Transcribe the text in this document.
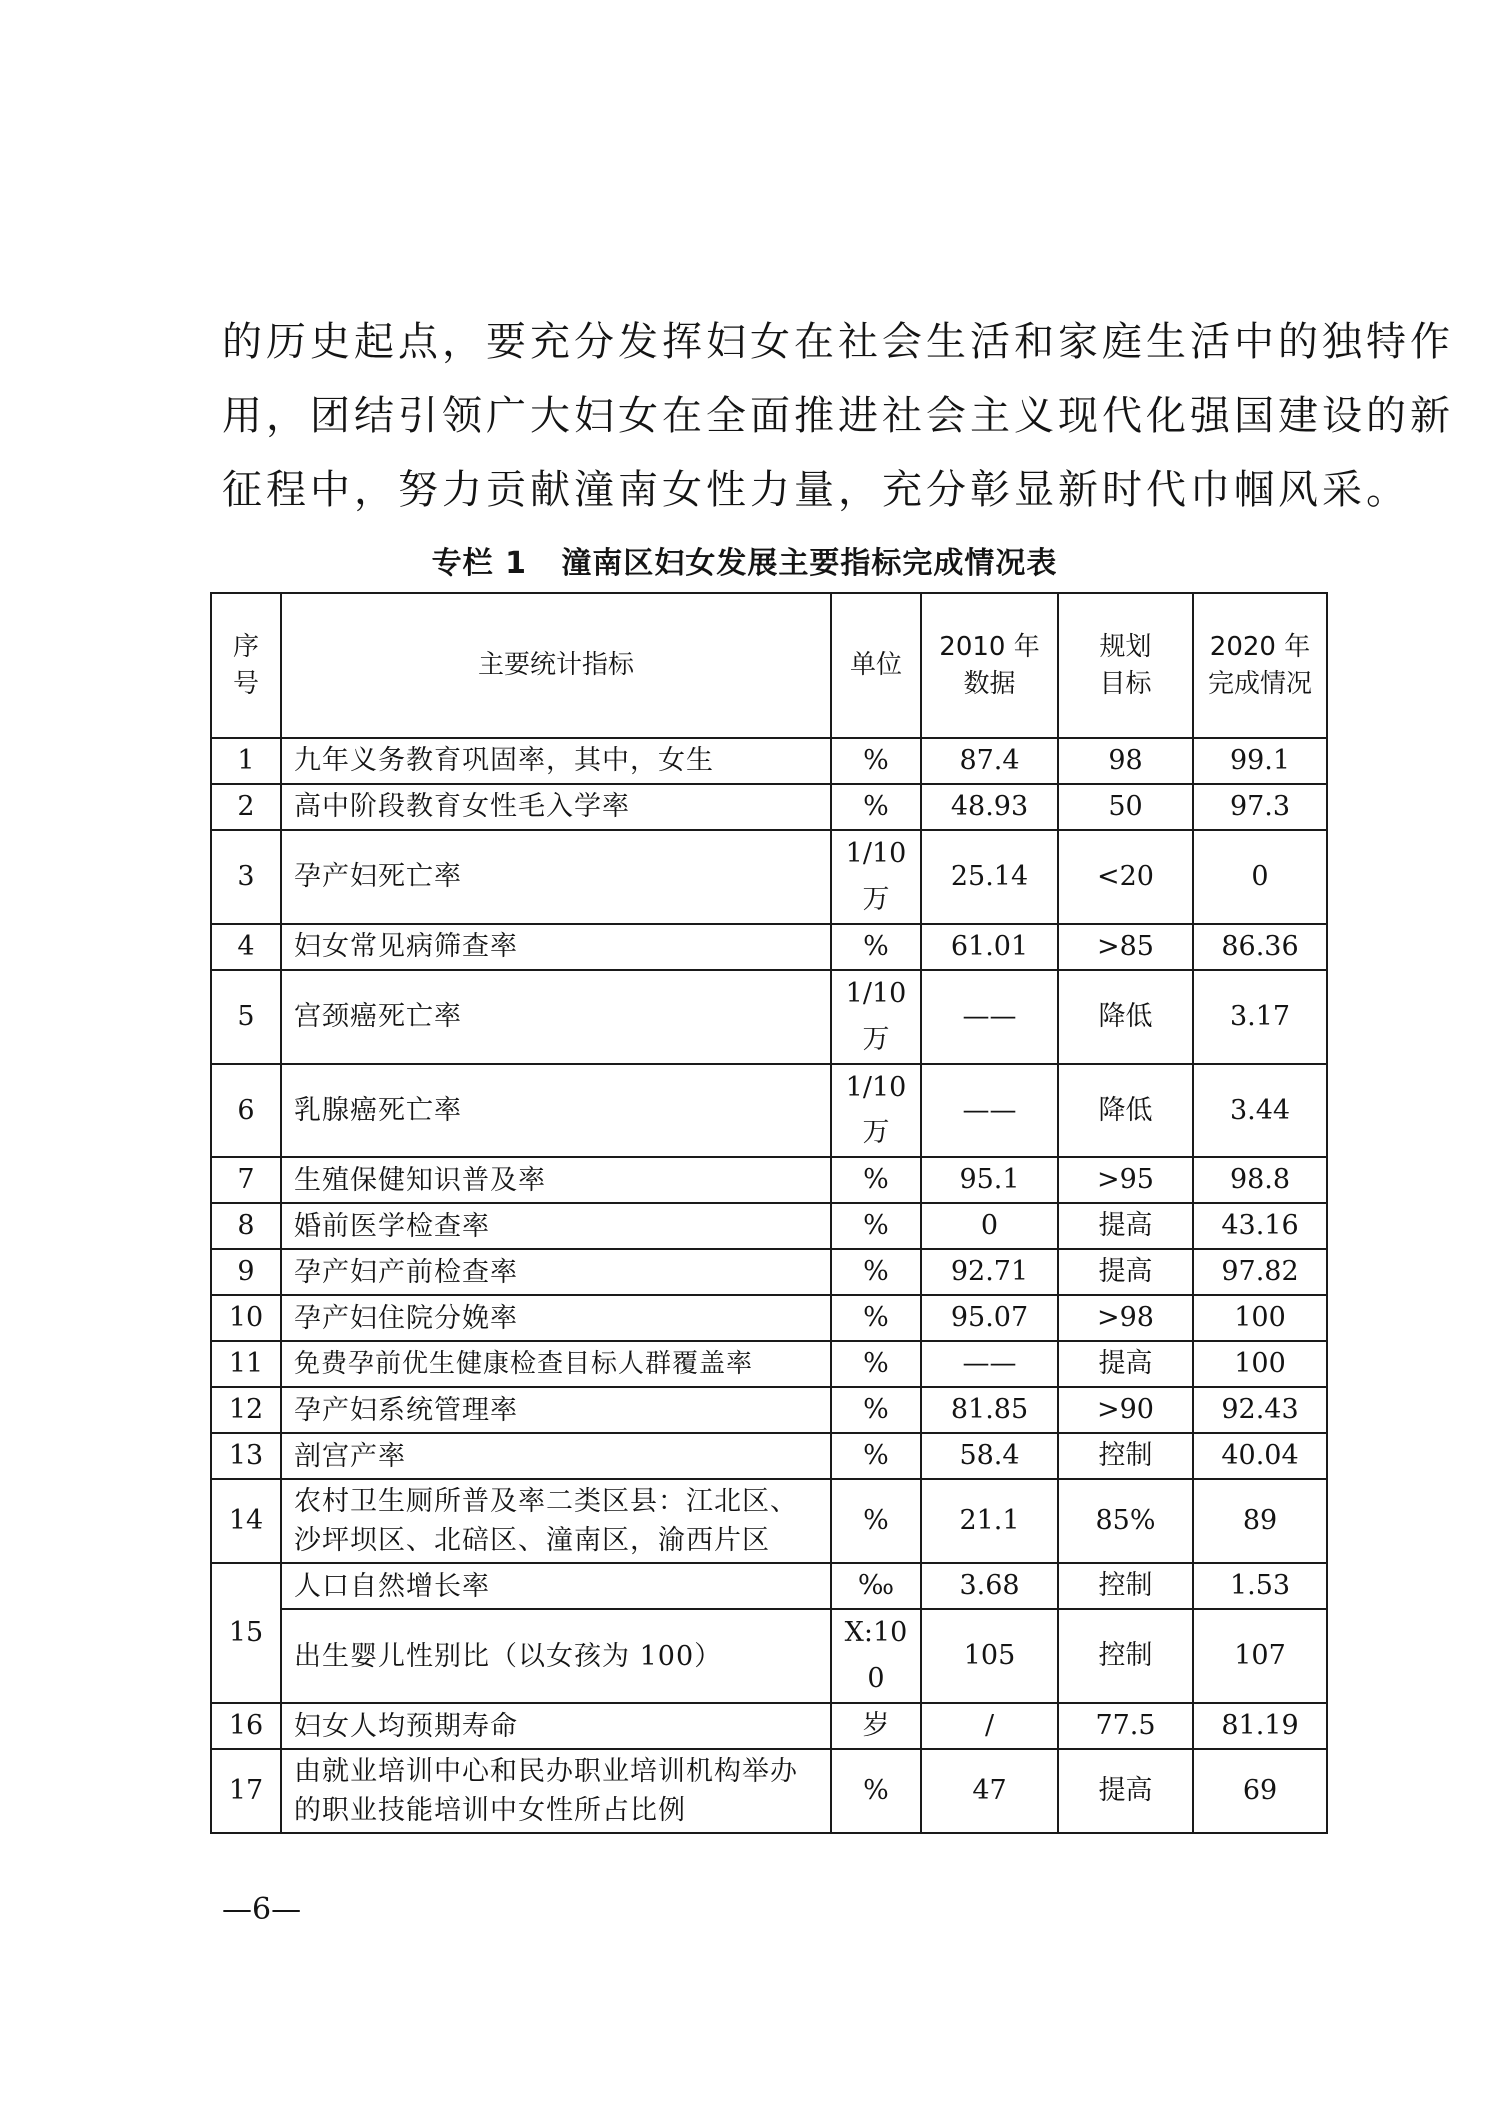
的历史起点，要充分发挥妇女在社会生活和家庭生活中的独特作
用，团结引领广大妇女在全面推进社会主义现代化强国建设的新
征程中，努力贡献潼南女性力量，充分彰显新时代巾帼风采。
专栏 1   潼南区妇女发展主要指标完成情况表
序号	主要统计指标	单位	2010 年数据	规划目标	2020 年完成情况
1	九年义务教育巩固率，其中，女生	%	87.4	98	99.1
2	高中阶段教育女性毛入学率	%	48.93	50	97.3
3	孕产妇死亡率	1/10 万	25.14	<20	0
4	妇女常见病筛查率	%	61.01	>85	86.36
5	宫颈癌死亡率	1/10 万	——	降低	3.17
6	乳腺癌死亡率	1/10 万	——	降低	3.44
7	生殖保健知识普及率	%	95.1	>95	98.8
8	婚前医学检查率	%	0	提高	43.16
9	孕产妇产前检查率	%	92.71	提高	97.82
10	孕产妇住院分娩率	%	95.07	>98	100
11	免费孕前优生健康检查目标人群覆盖率	%	——	提高	100
12	孕产妇系统管理率	%	81.85	>90	92.43
13	剖宫产率	%	58.4	控制	40.04
14	农村卫生厕所普及率二类区县：江北区、沙坪坝区、北碚区、潼南区，渝西片区	%	21.1	85%	89
15	人口自然增长率	‰	3.68	控制	1.53
	出生婴儿性别比（以女孩为 100）	X:100	105	控制	107
16	妇女人均预期寿命	岁	/	77.5	81.19
17	由就业培训中心和民办职业培训机构举办的职业技能培训中女性所占比例	%	47	提高	69
—6—
